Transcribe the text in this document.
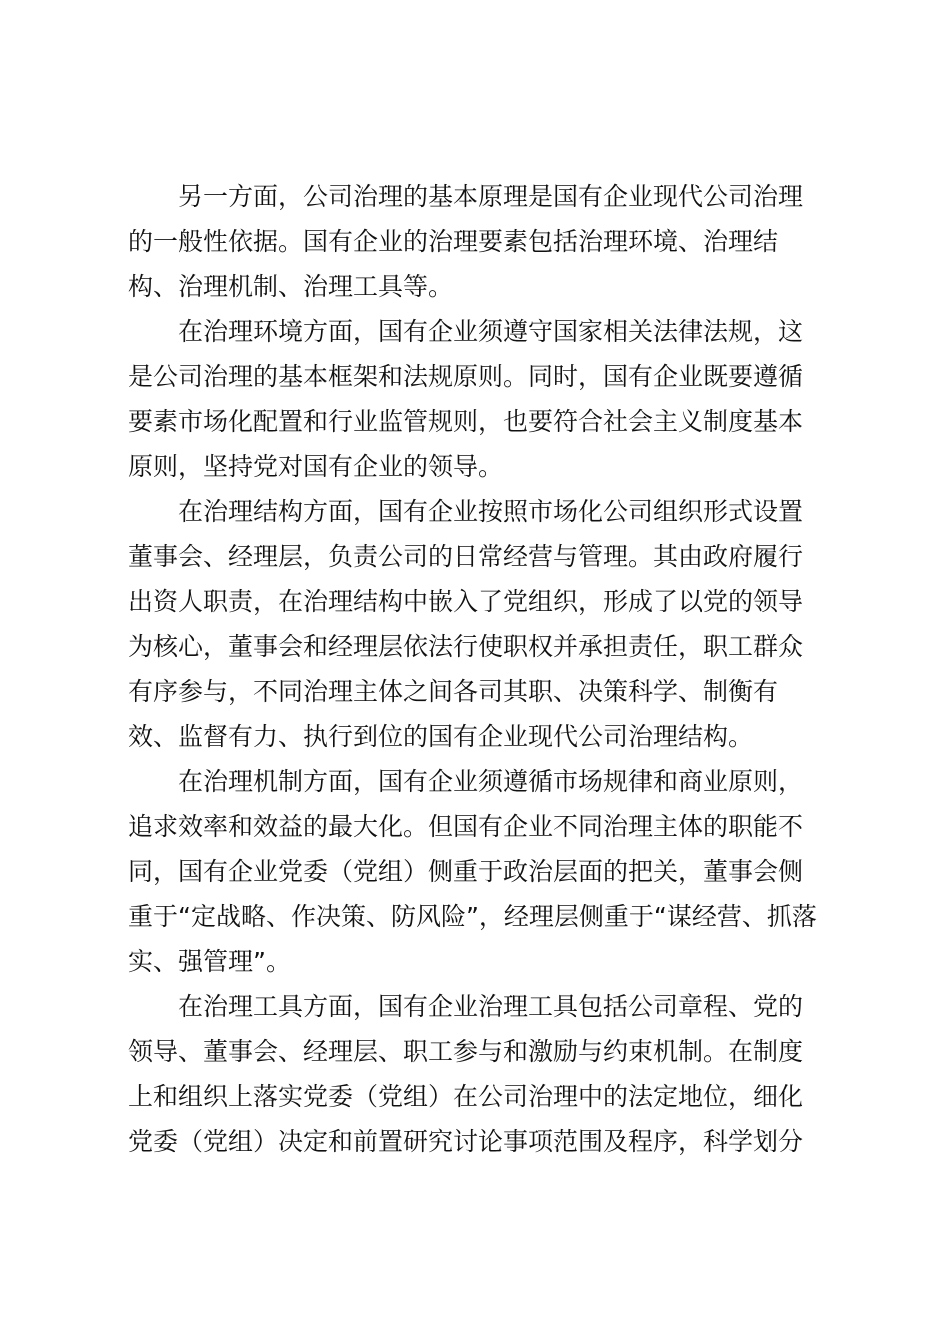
另一方面，公司治理的基本原理是国有企业现代公司治理
的一般性依据。国有企业的治理要素包括治理环境、治理结
构、治理机制、治理工具等。
在治理环境方面，国有企业须遵守国家相关法律法规，这
是公司治理的基本框架和法规原则。同时，国有企业既要遵循
要素市场化配置和行业监管规则，也要符合社会主义制度基本
原则，坚持党对国有企业的领导。
在治理结构方面，国有企业按照市场化公司组织形式设置
董事会、经理层，负责公司的日常经营与管理。其由政府履行
出资人职责，在治理结构中嵌入了党组织，形成了以党的领导
为核心，董事会和经理层依法行使职权并承担责任，职工群众
有序参与，不同治理主体之间各司其职、决策科学、制衡有
效、监督有力、执行到位的国有企业现代公司治理结构。
在治理机制方面，国有企业须遵循市场规律和商业原则，
追求效率和效益的最大化。但国有企业不同治理主体的职能不
同，国有企业党委（党组）侧重于政治层面的把关，董事会侧
重于“定战略、作决策、防风险”，经理层侧重于“谋经营、抓落
实、强管理”。
在治理工具方面，国有企业治理工具包括公司章程、党的
领导、董事会、经理层、职工参与和激励与约束机制。在制度
上和组织上落实党委（党组）在公司治理中的法定地位，细化
党委（党组）决定和前置研究讨论事项范围及程序，科学划分
